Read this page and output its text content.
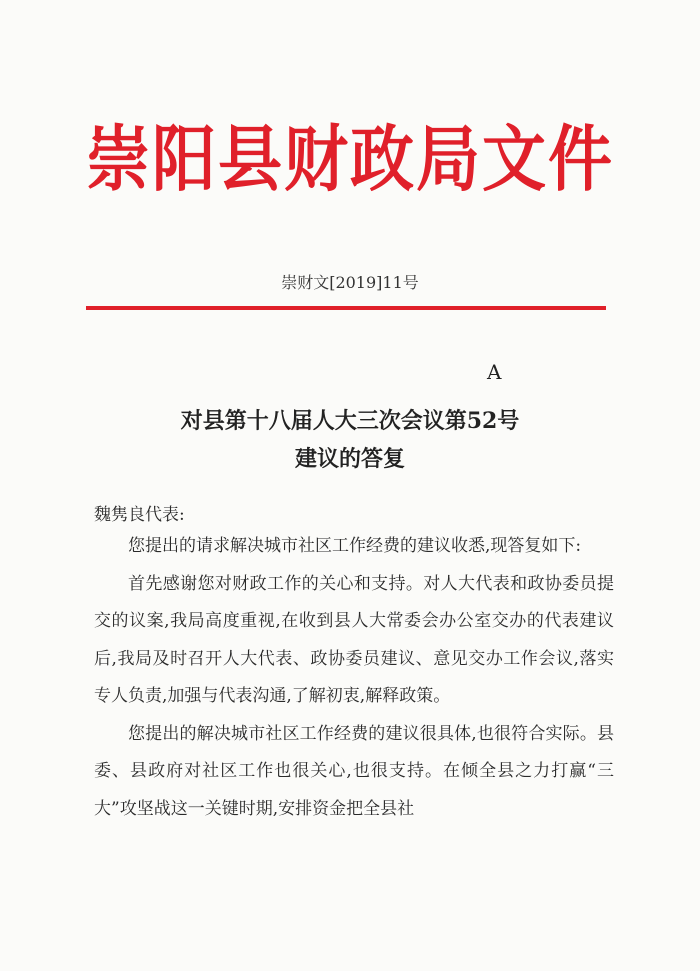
崇阳县财政局文件
崇财文[2019]11号
A
对县第十八届人大三次会议第52号
建议的答复
魏隽良代表:

您提出的请求解决城市社区工作经费的建议收悉,现答复如下:

首先感谢您对财政工作的关心和支持。对人大代表和政协委员提交的议案,我局高度重视,在收到县人大常委会办公室交办的代表建议后,我局及时召开人大代表、政协委员建议、意见交办工作会议,落实专人负责,加强与代表沟通,了解初衷,解释政策。

您提出的解决城市社区工作经费的建议很具体,也很符合实际。县委、县政府对社区工作也很关心,也很支持。在倾全县之力打赢“三大”攻坚战这一关键时期,安排资金把全县社
